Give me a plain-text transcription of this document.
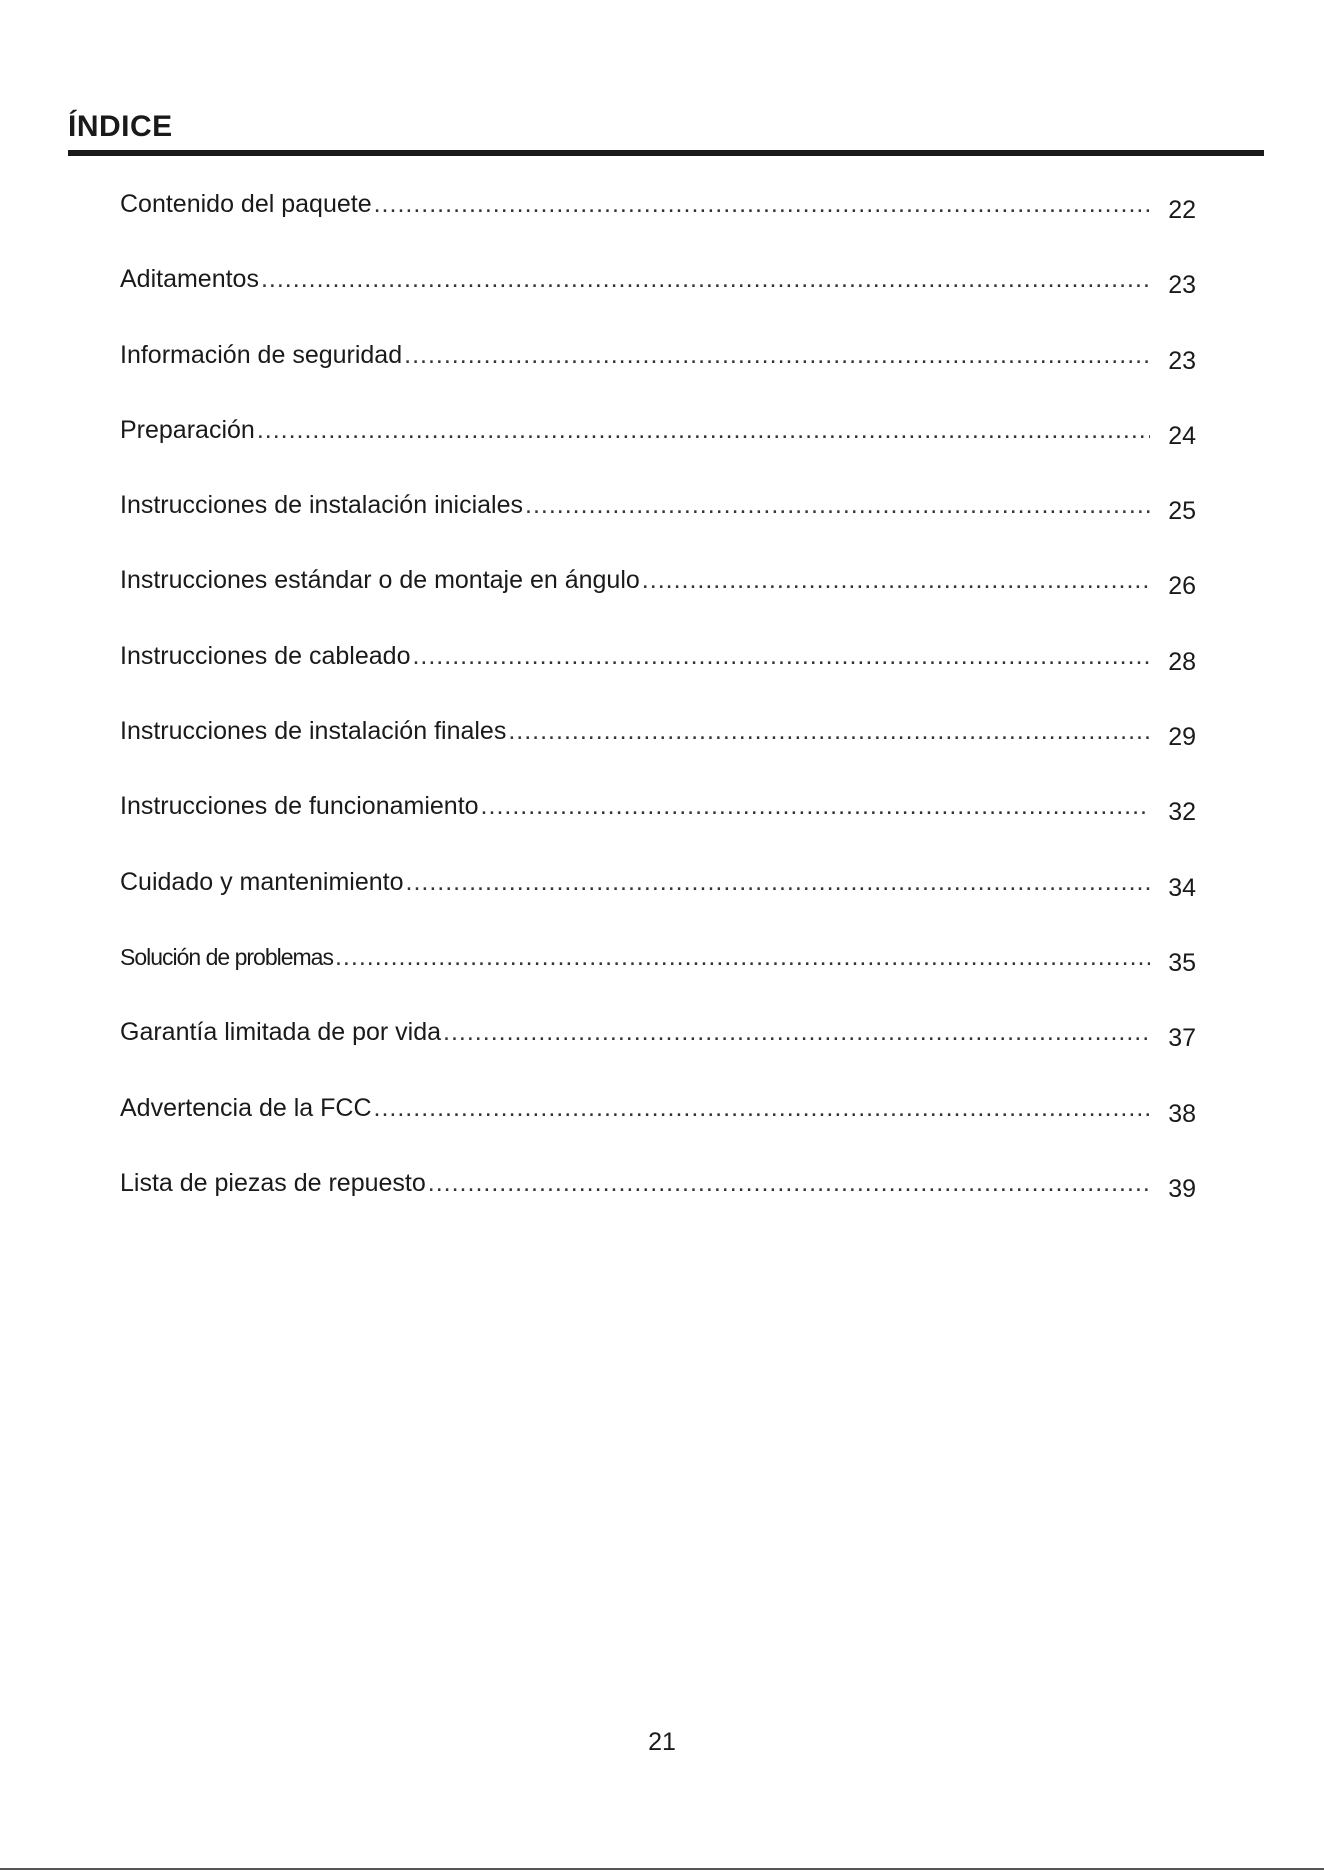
ÍNDICE
Contenido del paquete .....	22
Aditamentos .....	23
Información de seguridad .....	23
Preparación .....	24
Instrucciones de instalación iniciales .....	25
Instrucciones estándar o de montaje en ángulo .....	26
Instrucciones de cableado .....	28
Instrucciones de instalación finales .....	29
Instrucciones de funcionamiento .....	32
Cuidado y mantenimiento .....	34
Solución de problemas .....	35
Garantía limitada de por vida .....	37
Advertencia de la FCC .....	38
Lista de piezas de repuesto .....	39
21
